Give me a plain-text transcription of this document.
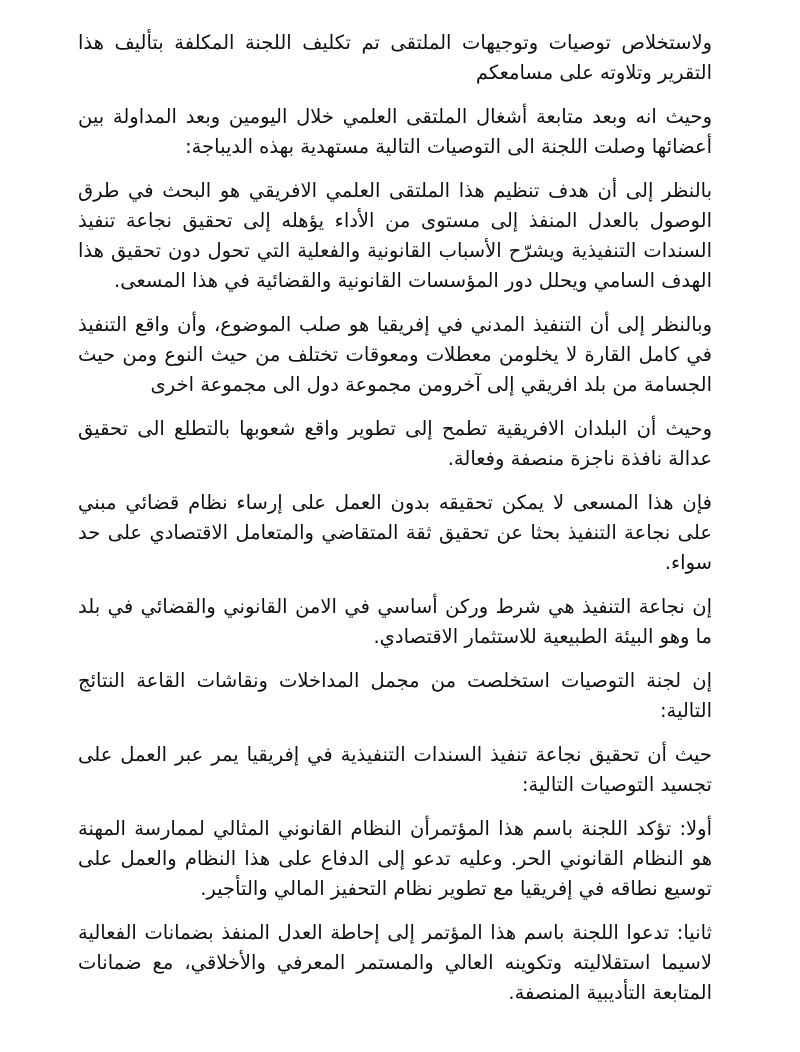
ولاستخلاص توصيات وتوجيهات الملتقى تم تكليف اللجنة المكلفة بتأليف هذا التقرير وتلاوته على مسامعكم

وحيث انه وبعد متابعة أشغال الملتقى العلمي خلال اليومين وبعد المداولة بين أعضائها وصلت اللجنة الى التوصيات التالية مستهدية بهذه الديباجة:

بالنظر إلى أن هدف تنظيم هذا الملتقى العلمي الافريقي هو البحث في طرق الوصول بالعدل المنفذ إلى مستوى من الأداء يؤهله إلى تحقيق نجاعة تنفيذ السندات التنفيذية ويشرّح الأسباب القانونية والفعلية التي تحول دون تحقيق هذا الهدف السامي ويحلل دور المؤسسات القانونية والقضائية في هذا المسعى.

وبالنظر إلى أن التنفيذ المدني في إفريقيا هو صلب الموضوع، وأن واقع التنفيذ في كامل القارة لا يخلومن معطلات ومعوقات تختلف من حيث النوع ومن حيث الجسامة من بلد افريقي إلى آخرومن مجموعة دول الى مجموعة اخرى

وحيث أن البلدان الافريقية تطمح إلى تطوير واقع شعوبها بالتطلع الى تحقيق عدالة نافذة ناجزة منصفة وفعالة.

فإن هذا المسعى لا يمكن تحقيقه بدون العمل على إرساء نظام قضائي مبني على نجاعة التنفيذ بحثا عن تحقيق ثقة المتقاضي والمتعامل الاقتصادي على حد سواء.

إن نجاعة التنفيذ هي شرط وركن أساسي في الامن القانوني والقضائي في بلد ما وهو البيئة الطبيعية للاستثمار الاقتصادي.

إن لجنة التوصيات استخلصت من مجمل المداخلات ونقاشات القاعة النتائج التالية:

حيث أن تحقيق نجاعة تنفيذ السندات التنفيذية في إفريقيا يمر عبر العمل على تجسيد التوصيات التالية:

أولا: تؤكد اللجنة باسم هذا المؤتمرأن النظام القانوني المثالي لممارسة المهنة هو النظام القانوني الحر. وعليه تدعو إلى الدفاع على هذا النظام والعمل على توسيع نطاقه في إفريقيا مع تطوير نظام التحفيز المالي والتأجير.

ثانيا: تدعوا اللجنة باسم هذا المؤتمر إلى إحاطة العدل المنفذ بضمانات الفعالية لاسيما استقلاليته وتكوينه العالي والمستمر المعرفي والأخلاقي، مع ضمانات المتابعة التأديبية المنصفة.
